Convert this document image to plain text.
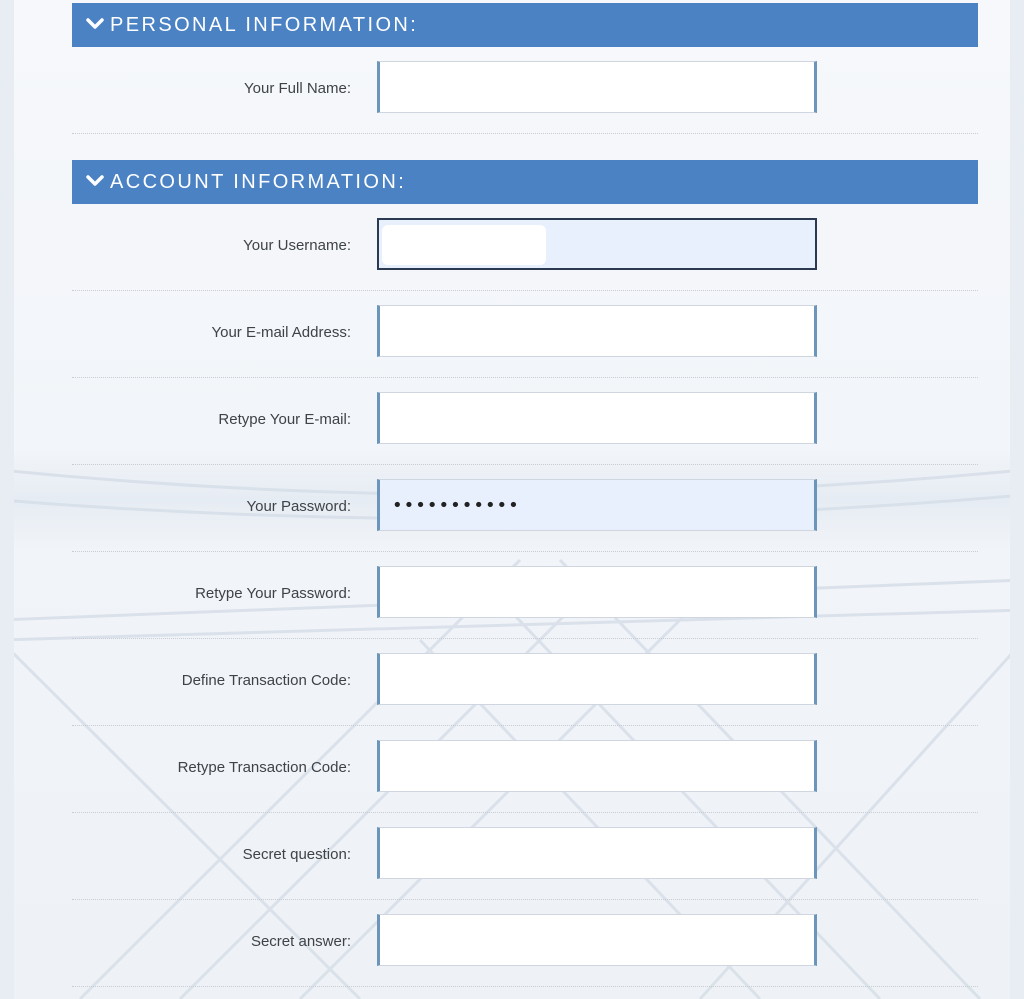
PERSONAL INFORMATION:
Your Full Name:
ACCOUNT INFORMATION:
Your Username:
Your E-mail Address:
Retype Your E-mail:
Your Password:
•••••••••••
Retype Your Password:
Define Transaction Code:
Retype Transaction Code:
Secret question:
Secret answer:
